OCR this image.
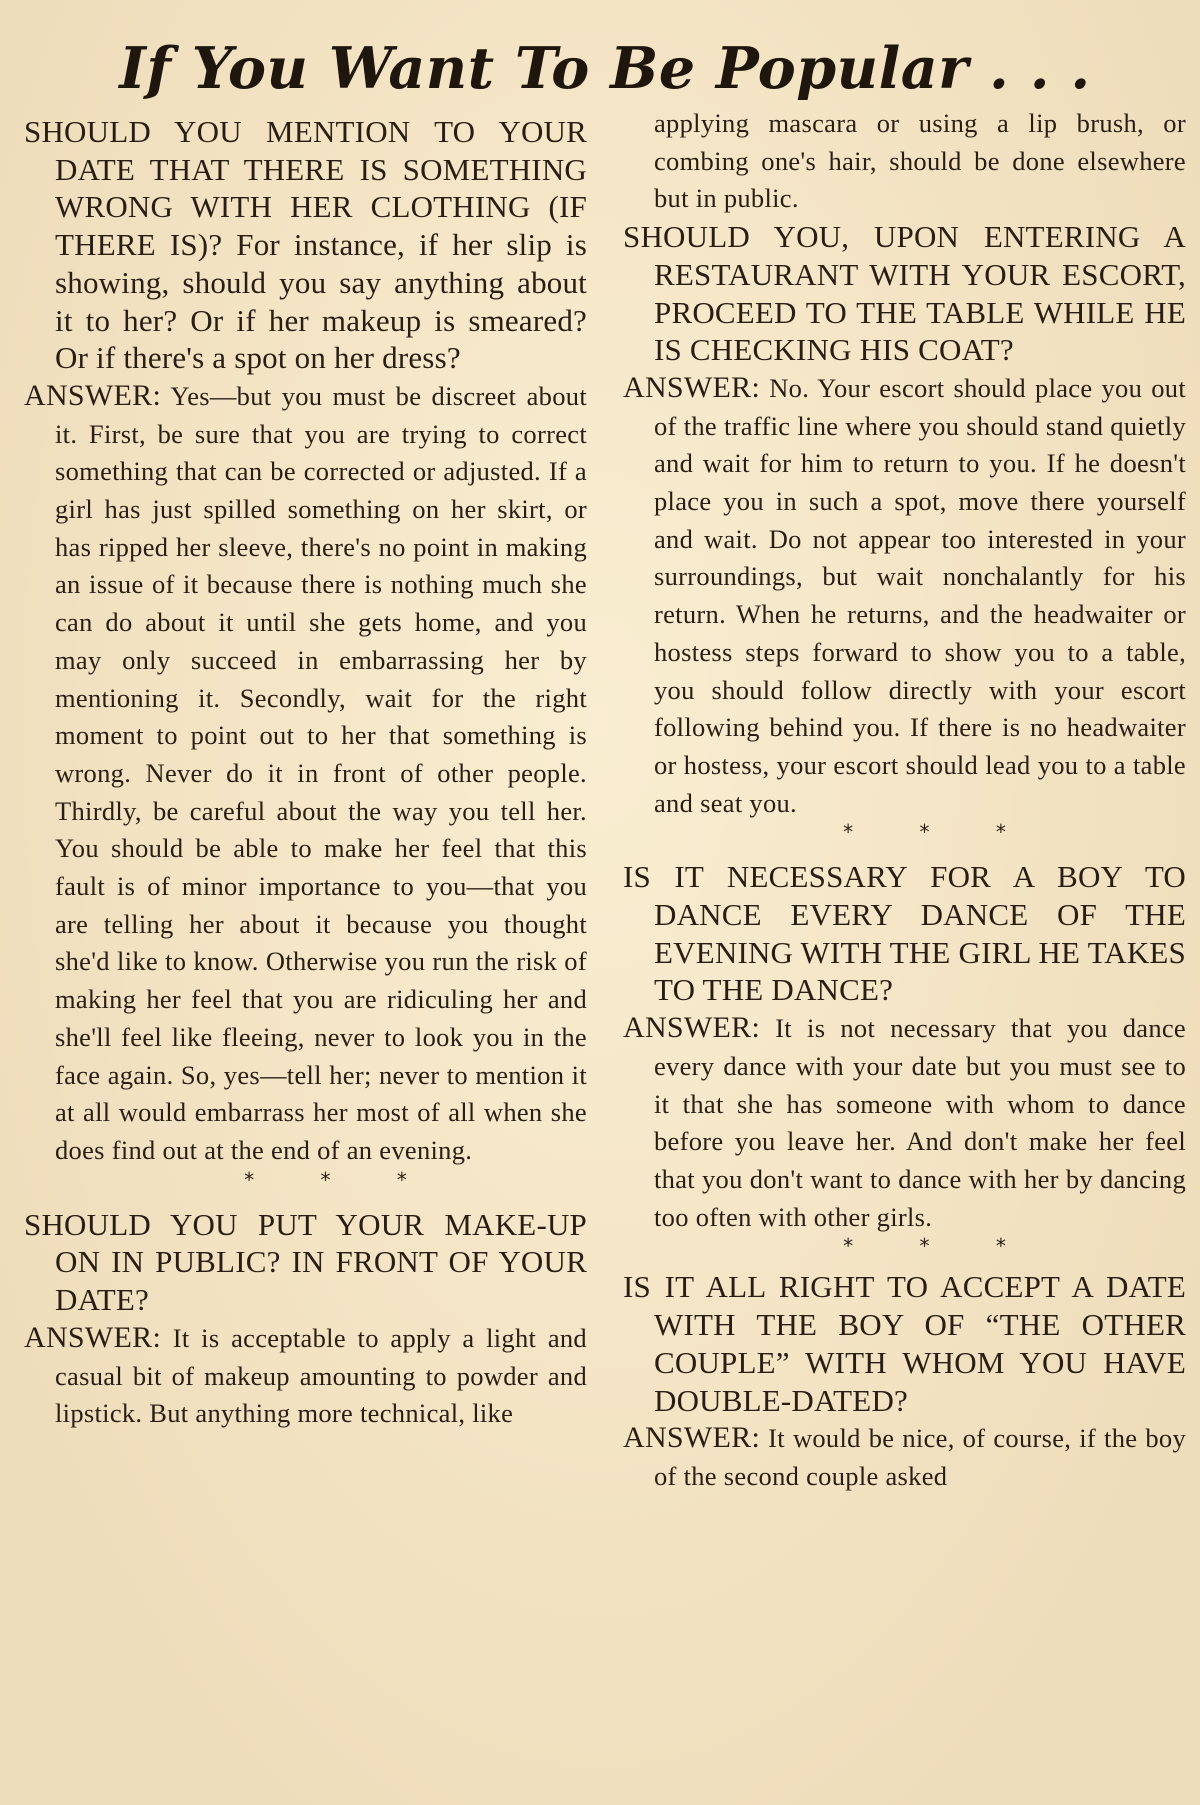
If You Want To Be Popular . . .

SHOULD YOU MENTION TO YOUR DATE THAT THERE IS SOMETHING WRONG WITH HER CLOTHING (IF THERE IS)? For instance, if her slip is showing, should you say anything about it to her? Or if her makeup is smeared? Or if there's a spot on her dress?

ANSWER: Yes—but you must be discreet about it. First, be sure that you are trying to correct something that can be corrected or adjusted. If a girl has just spilled something on her skirt, or has ripped her sleeve, there's no point in making an issue of it because there is nothing much she can do about it until she gets home, and you may only succeed in embarrassing her by mentioning it. Secondly, wait for the right moment to point out to her that something is wrong. Never do it in front of other people. Thirdly, be careful about the way you tell her. You should be able to make her feel that this fault is of minor importance to you—that you are telling her about it because you thought she'd like to know. Otherwise you run the risk of making her feel that you are ridiculing her and she'll feel like fleeing, never to look you in the face again. So, yes—tell her; never to mention it at all would embarrass her most of all when she does find out at the end of an evening.

* * *

SHOULD YOU PUT YOUR MAKE-UP ON IN PUBLIC? IN FRONT OF YOUR DATE?

ANSWER: It is acceptable to apply a light and casual bit of makeup amounting to powder and lipstick. But anything more technical, like

applying mascara or using a lip brush, or combing one's hair, should be done elsewhere but in public.

SHOULD YOU, UPON ENTERING A RESTAURANT WITH YOUR ESCORT, PROCEED TO THE TABLE WHILE HE IS CHECKING HIS COAT?

ANSWER: No. Your escort should place you out of the traffic line where you should stand quietly and wait for him to return to you. If he doesn't place you in such a spot, move there yourself and wait. Do not appear too interested in your surroundings, but wait nonchalantly for his return. When he returns, and the headwaiter or hostess steps forward to show you to a table, you should follow directly with your escort following behind you. If there is no headwaiter or hostess, your escort should lead you to a table and seat you.

* * *

IS IT NECESSARY FOR A BOY TO DANCE EVERY DANCE OF THE EVENING WITH THE GIRL HE TAKES TO THE DANCE?

ANSWER: It is not necessary that you dance every dance with your date but you must see to it that she has someone with whom to dance before you leave her. And don't make her feel that you don't want to dance with her by dancing too often with other girls.

* * *

IS IT ALL RIGHT TO ACCEPT A DATE WITH THE BOY OF “THE OTHER COUPLE” WITH WHOM YOU HAVE DOUBLE-DATED?

ANSWER: It would be nice, of course, if the boy of the second couple asked
